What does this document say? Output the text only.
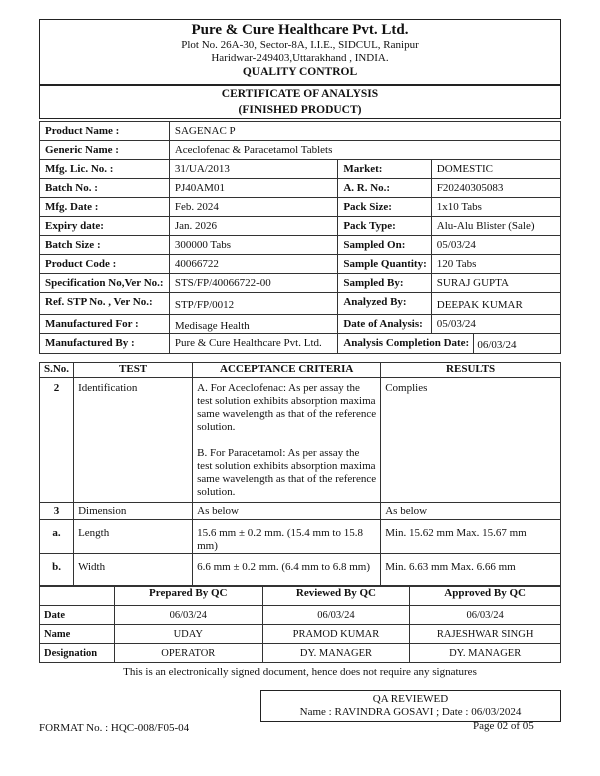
Pure & Cure Healthcare Pvt. Ltd.
Plot No. 26A-30, Sector-8A, I.I.E., SIDCUL, Ranipur
Haridwar-249403,Uttarakhand , INDIA.
QUALITY CONTROL
CERTIFICATE OF ANALYSIS
(FINISHED PRODUCT)
Product Name :	SAGENAC P		
Generic Name :	Aceclofenac & Paracetamol Tablets		
Mfg. Lic. No. :	31/UA/2013	Market:	DOMESTIC
Batch No. :	PJ40AM01	A. R. No.:	F20240305083
Mfg. Date :	Feb. 2024	Pack Size:	1x10 Tabs
Expiry date:	Jan. 2026	Pack Type:	Alu-Alu Blister (Sale)
Batch Size :	300000 Tabs	Sampled On:	05/03/24
Product Code :	40066722	Sample Quantity:	120 Tabs
Specification No,Ver No.:	STS/FP/40066722-00	Sampled By:	SURAJ GUPTA
Ref. STP No. , Ver No.:	STP/FP/0012	Analyzed By:	DEEPAK KUMAR
Manufactured For :	Medisage Health	Date of Analysis:	05/03/24
Manufactured By :	Pure & Cure Healthcare Pvt. Ltd.	Analysis Completion Date: 06/03/24	
S.No.	TEST	ACCEPTANCE CRITERIA	RESULTS
2	Identification	A. For Aceclofenac: As per assay the test solution exhibits absorption maxima same wavelength as that of the reference solution.
B. For Paracetamol: As per assay the test solution exhibits absorption maxima same wavelength as that of the reference solution.	Complies
3	Dimension	As below	As below
a.	Length	15.6 mm ± 0.2 mm. (15.4 mm to 15.8 mm)	Min. 15.62 mm Max. 15.67 mm
b.	Width	6.6 mm ± 0.2 mm. (6.4 mm to 6.8 mm)	Min. 6.63 mm Max. 6.66 mm
	Prepared By QC	Reviewed By QC	Approved By QC
Date	06/03/24	06/03/24	06/03/24
Name	UDAY	PRAMOD KUMAR	RAJESHWAR SINGH
Designation	OPERATOR	DY. MANAGER	DY. MANAGER
This is an electronically signed document, hence does not require any signatures
QA REVIEWED
Name : RAVINDRA GOSAVI ; Date : 06/03/2024
FORMAT No. : HQC-008/F05-04	Page 02 of 05
